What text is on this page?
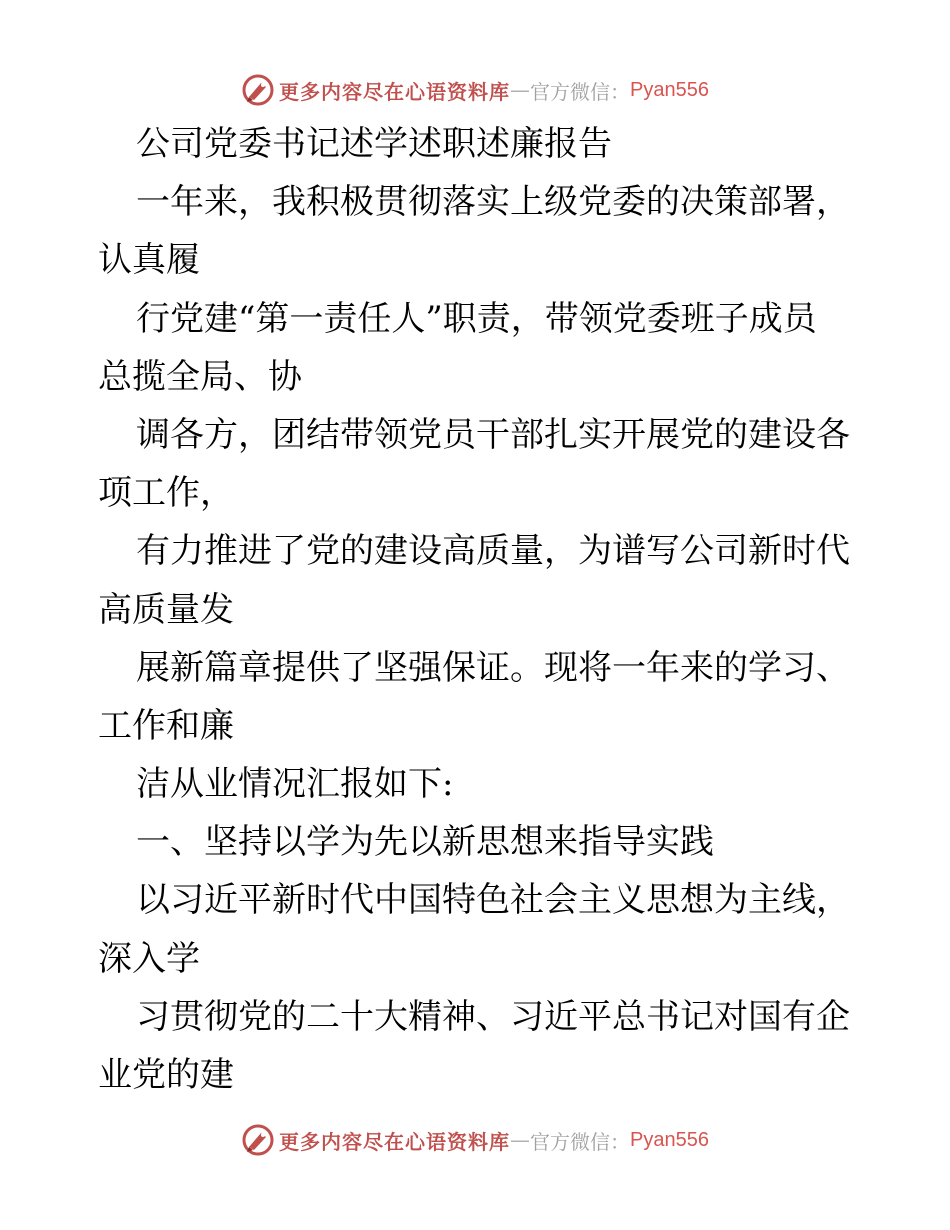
更多内容尽在心语资料库 — 官方微信： Pyan556
公司党委书记述学述职述廉报告
一年来，我积极贯彻落实上级党委的决策部署，
认真履
行党建“第一责任人”职责，带领党委班子成员
总揽全局、协
调各方，团结带领党员干部扎实开展党的建设各
项工作，
有力推进了党的建设高质量，为谱写公司新时代
高质量发
展新篇章提供了坚强保证。现将一年来的学习、
工作和廉
洁从业情况汇报如下:
一、坚持以学为先以新思想来指导实践
以习近平新时代中国特色社会主义思想为主线，
深入学
习贯彻党的二十大精神、习近平总书记对国有企
业党的建
更多内容尽在心语资料库 — 官方微信： Pyan556
